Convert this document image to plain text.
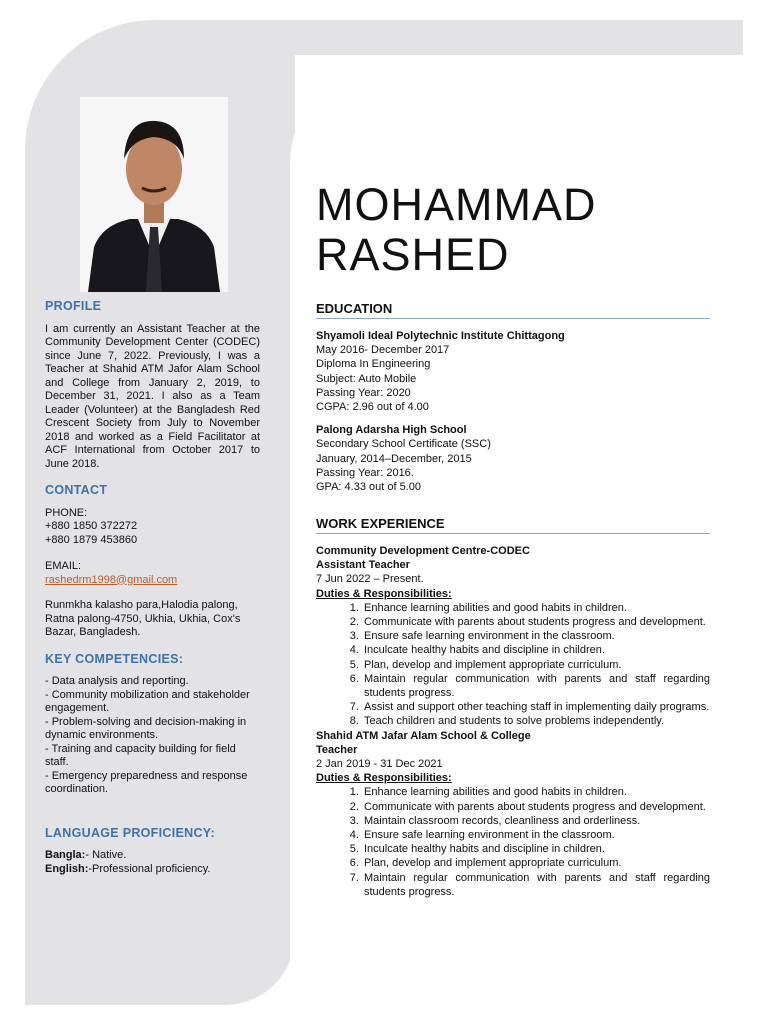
PROFILE
I am currently an Assistant Teacher at the Community Development Center (CODEC) since June 7, 2022. Previously, I was a Teacher at Shahid ATM Jafor Alam School and College from January 2, 2019, to December 31, 2021. I also as a Team Leader (Volunteer) at the Bangladesh Red Crescent Society from July to November 2018 and worked as a Field Facilitator at ACF International from October 2017 to June 2018.
CONTACT
PHONE:
+880 1850 372272
+880 1879 453860
EMAIL:
rashedrm1998@gmail.com
Runmkha kalasho para,Halodia palong, Ratna palong-4750, Ukhia, Ukhia, Cox's Bazar, Bangladesh.
KEY COMPETENCIES:
- Data analysis and reporting.
- Community mobilization and stakeholder engagement.
- Problem-solving and decision-making in dynamic environments.
- Training and capacity building for field staff.
- Emergency preparedness and response coordination.
LANGUAGE PROFICIENCY:
Bangla:- Native.
English:-Professional proficiency.
MOHAMMAD
RASHED
EDUCATION
Shyamoli Ideal Polytechnic Institute Chittagong
May 2016- December 2017
Diploma In Engineering
Subject: Auto Mobile
Passing Year: 2020
CGPA: 2.96 out of 4.00
Palong Adarsha High School
Secondary School Certificate (SSC)
January, 2014–December, 2015
Passing Year: 2016.
GPA: 4.33 out of 5.00
WORK EXPERIENCE
Community Development Centre-CODEC
Assistant Teacher
7 Jun 2022 – Present.
Duties & Responsibilities:
1. Enhance learning abilities and good habits in children.
2. Communicate with parents about students progress and development.
3. Ensure safe learning environment in the classroom.
4. Inculcate healthy habits and discipline in children.
5. Plan, develop and implement appropriate curriculum.
6. Maintain regular communication with parents and staff regarding students progress.
7. Assist and support other teaching staff in implementing daily programs.
8. Teach children and students to solve problems independently.
Shahid ATM Jafar Alam School & College
Teacher
2 Jan 2019 - 31 Dec 2021
Duties & Responsibilities:
1. Enhance learning abilities and good habits in children.
2. Communicate with parents about students progress and development.
3. Maintain classroom records, cleanliness and orderliness.
4. Ensure safe learning environment in the classroom.
5. Inculcate healthy habits and discipline in children.
6. Plan, develop and implement appropriate curriculum.
7. Maintain regular communication with parents and staff regarding students progress.
